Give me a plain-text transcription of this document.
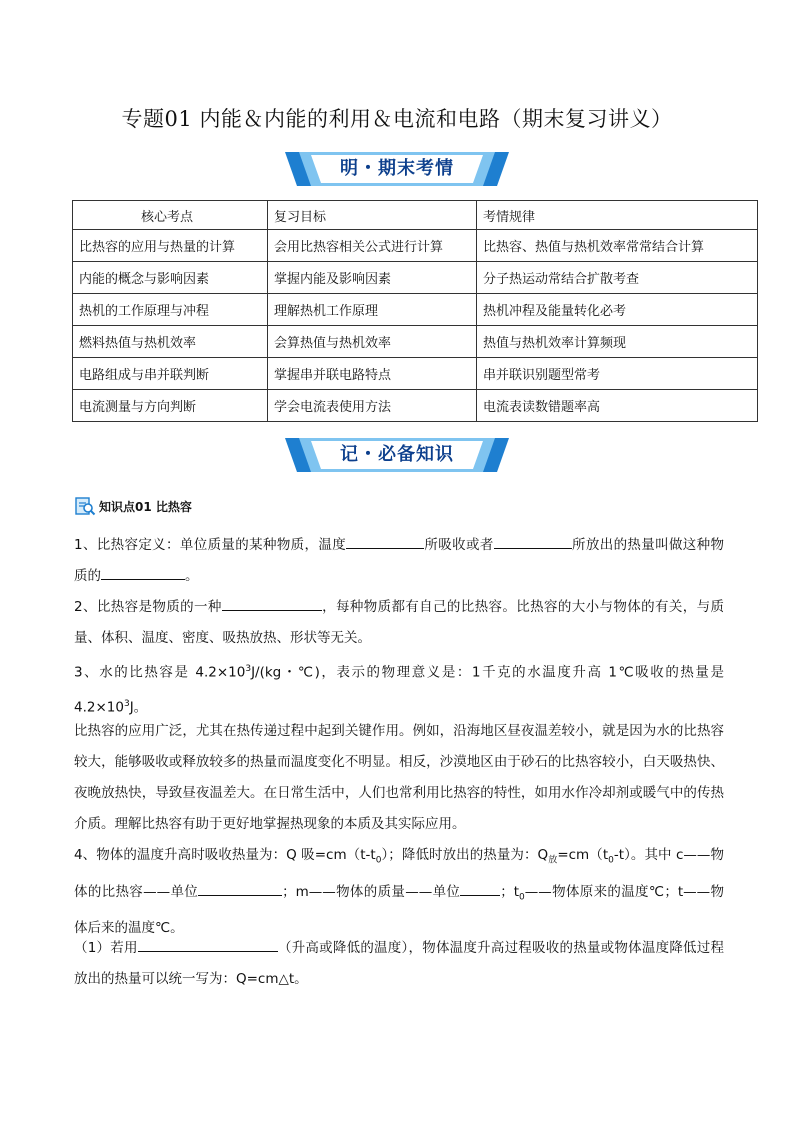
专题01 内能＆内能的利用＆电流和电路（期末复习讲义）
明・期末考情
核心考点	复习目标	考情规律
比热容的应用与热量的计算	会用比热容相关公式进行计算	比热容、热值与热机效率常常结合计算
内能的概念与影响因素	掌握内能及影响因素	分子热运动常结合扩散考查
热机的工作原理与冲程	理解热机工作原理	热机冲程及能量转化必考
燃料热值与热机效率	会算热值与热机效率	热值与热机效率计算频现
电路组成与串并联判断	掌握串并联电路特点	串并联识别题型常考
电流测量与方向判断	学会电流表使用方法	电流表读数错题率高
记・必备知识
知识点01 比热容
1、比热容定义：单位质量的某种物质，温度	所吸收或者	所放出的热量叫做这种物质的	。
2、比热容是物质的一种	，每种物质都有自己的比热容。比热容的大小与物体的有关，与质量、体积、温度、密度、吸热放热、形状等无关。
3、水的比热容是 $4.2\times 10^3J/(kg$・℃)，表示的物理意义是：1千克的水温度升高 1℃吸收的热量是 $4.2\times 10^3J$。
比热容的应用广泛，尤其在热传递过程中起到关键作用。例如，沿海地区昼夜温差较小，就是因为水的比热容较大，能够吸收或释放较多的热量而温度变化不明显。相反，沙漠地区由于砂石的比热容较小，白天吸热快、夜晚放热快，导致昼夜温差大。在日常生活中，人们也常利用比热容的特性，如用水作冷却剂或暖气中的传热介质。理解比热容有助于更好地掌握热现象的本质及其实际应用。
4、物体的温度升高时吸收热量为：Q 吸$=cm(t-t_0)$；降低时放出的热量为：$Q_放=cm(t_0-t)$。其中 c——物体的比热容——单位	；m——物体的质量——单位	；$t_0——$物体原来的温度℃；t——物体后来的温度℃。
（1）若用	（升高或降低的温度），物体温度升高过程吸收的热量或物体温度降低过程放出的热量可以统一写为：Q=cm△t。
